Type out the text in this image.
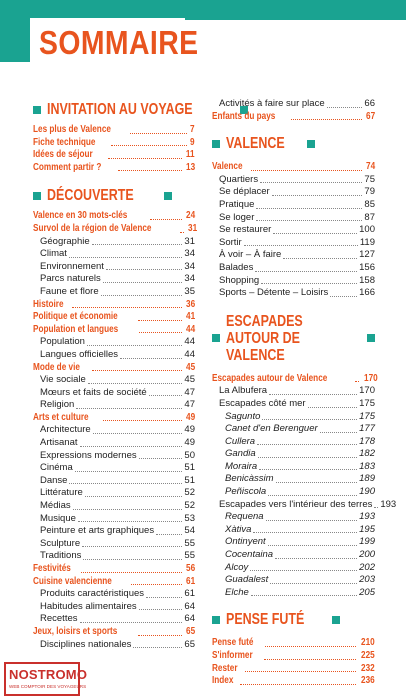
SOMMAIRE
INVITATION AU VOYAGE
Les plus de Valence	7
Fiche technique	9
Idées de séjour	11
Comment partir ?	13
DÉCOUVERTE
Valence en 30 mots-clés	24
Survol de la région de Valence	31
Géographie	31
Climat	34
Environnement	34
Parcs naturels	34
Faune et flore	35
Histoire	36
Politique et économie	41
Population et langues	44
Population	44
Langues officielles	44
Mode de vie	45
Vie sociale	45
Mœurs et faits de société	47
Religion	47
Arts et culture	49
Architecture	49
Artisanat	49
Expressions modernes	50
Cinéma	51
Danse	51
Littérature	52
Médias	52
Musique	53
Peinture et arts graphiques	54
Sculpture	55
Traditions	55
Festivités	56
Cuisine valencienne	61
Produits caractéristiques	61
Habitudes alimentaires	64
Recettes	64
Jeux, loisirs et sports	65
Disciplines nationales	65
Activités à faire sur place	66
Enfants du pays	67
VALENCE
Valence	74
Quartiers	75
Se déplacer	79
Pratique	85
Se loger	87
Se restaurer	100
Sortir	119
À voir – À faire	127
Balades	156
Shopping	158
Sports – Détente – Loisirs	166
ESCAPADES
AUTOUR DE VALENCE
Escapades autour de Valence	170
La Albufera	170
Escapades côté mer	175
Sagunto	175
Canet d'en Berenguer	177
Cullera	178
Gandia	182
Moraira	183
Benicàssim	189
Peñiscola	190
Escapades vers l'intérieur des terres 193
Requena	193
Xàtiva	195
Ontinyent	199
Cocentaina	200
Alcoy	202
Guadalest	203
Elche	205
PENSE FUTÉ
Pense futé	210
S'informer	225
Rester	232
Index	236
NOSTROMO
WEB COMPTOIR DES VOYAGEURS
